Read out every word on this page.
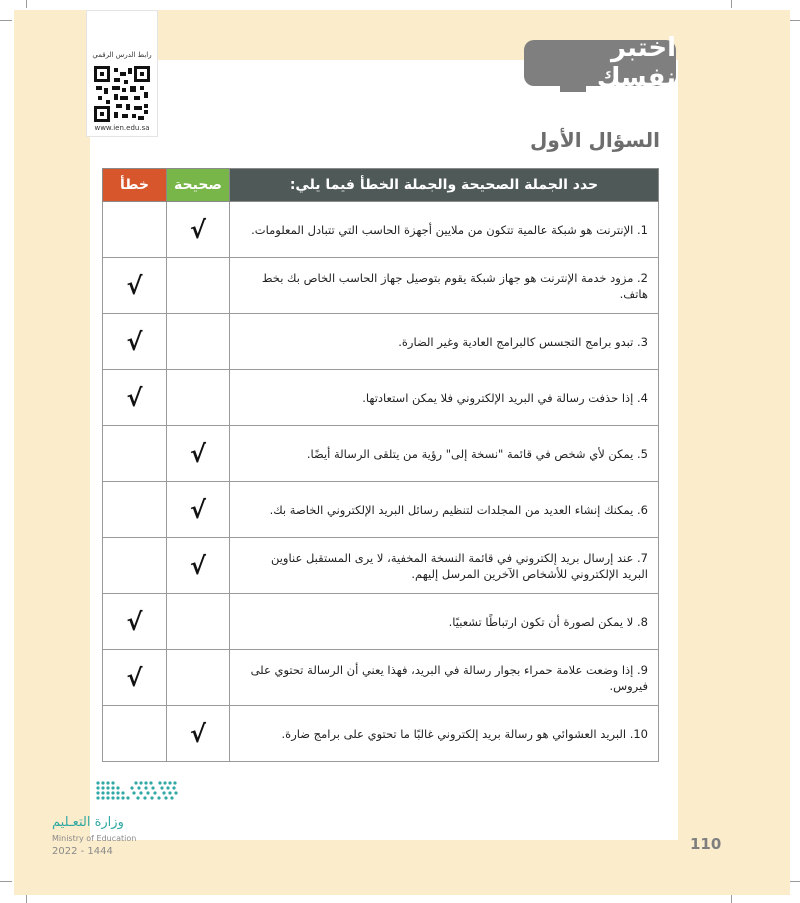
رابط الدرس الرقمي
www.ien.edu.sa
اختبر نفسك
السؤال الأول
حدد الجملة الصحيحة والجملة الخطأ فيما يلي:	صحيحة	خطأ
1. الإنترنت هو شبكة عالمية تتكون من ملايين أجهزة الحاسب التي تتبادل المعلومات.	√	
2. مزود خدمة الإنترنت هو جهاز شبكة يقوم بتوصيل جهاز الحاسب الخاص بك بخط هاتف.		√
3. تبدو برامج التجسس كالبرامج العادية وغير الضارة.		√
4. إذا حذفت رسالة في البريد الإلكتروني فلا يمكن استعادتها.		√
5. يمكن لأي شخص في قائمة "نسخة إلى" رؤية من يتلقى الرسالة أيضًا.	√	
6. يمكنك إنشاء العديد من المجلدات لتنظيم رسائل البريد الإلكتروني الخاصة بك.	√	
7. عند إرسال بريد إلكتروني في قائمة النسخة المخفية، لا يرى المستقبل عناوين البريد الإلكتروني للأشخاص الآخرين المرسل إليهم.	√	
8. لا يمكن لصورة أن تكون ارتباطًا تشعبيًا.		√
9. إذا وضعت علامة حمراء بجوار رسالة في البريد، فهذا يعني أن الرسالة تحتوي على فيروس.		√
10. البريد العشوائي هو رسالة بريد إلكتروني غالبًا ما تحتوي على برامج ضارة.	√	
وزارة التعـليم
Ministry of Education
2022 - 1444	110
